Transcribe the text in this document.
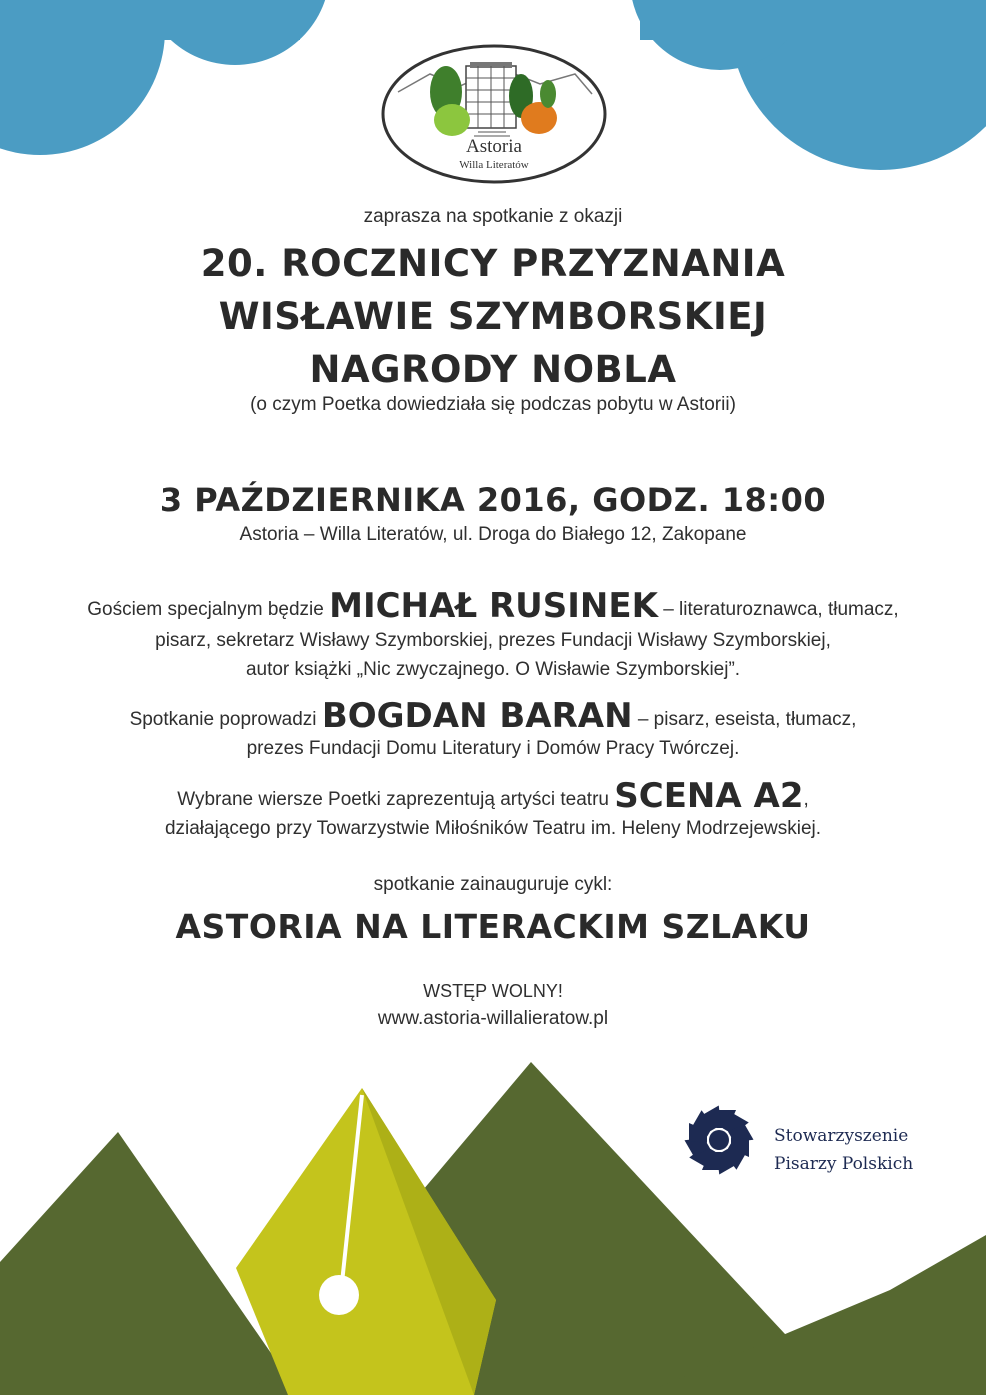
Astoria
Willa Literatów
zaprasza na spotkanie z okazji
20. ROCZNICY PRZYZNANIA
WISŁAWIE SZYMBORSKIEJ
NAGRODY NOBLA
(o czym Poetka dowiedziała się podczas pobytu w Astorii)
3 PAŹDZIERNIKA 2016, GODZ. 18:00
Astoria – Willa Literatów, ul. Droga do Białego 12, Zakopane
Gościem specjalnym będzie MICHAŁ RUSINEK – literaturoznawca, tłumacz,
pisarz, sekretarz Wisławy Szymborskiej, prezes Fundacji Wisławy Szymborskiej,
autor książki „Nic zwyczajnego. O Wisławie Szymborskiej”.
Spotkanie poprowadzi BOGDAN BARAN – pisarz, eseista, tłumacz,
prezes Fundacji Domu Literatury i Domów Pracy Twórczej.
Wybrane wiersze Poetki zaprezentują artyści teatru SCENA A2,
działającego przy Towarzystwie Miłośników Teatru im. Heleny Modrzejewskiej.
spotkanie zainauguruje cykl:
ASTORIA NA LITERACKIM SZLAKU
WSTĘP WOLNY!
www.astoria-willalieratow.pl
Stowarzyszenie
Pisarzy Polskich
